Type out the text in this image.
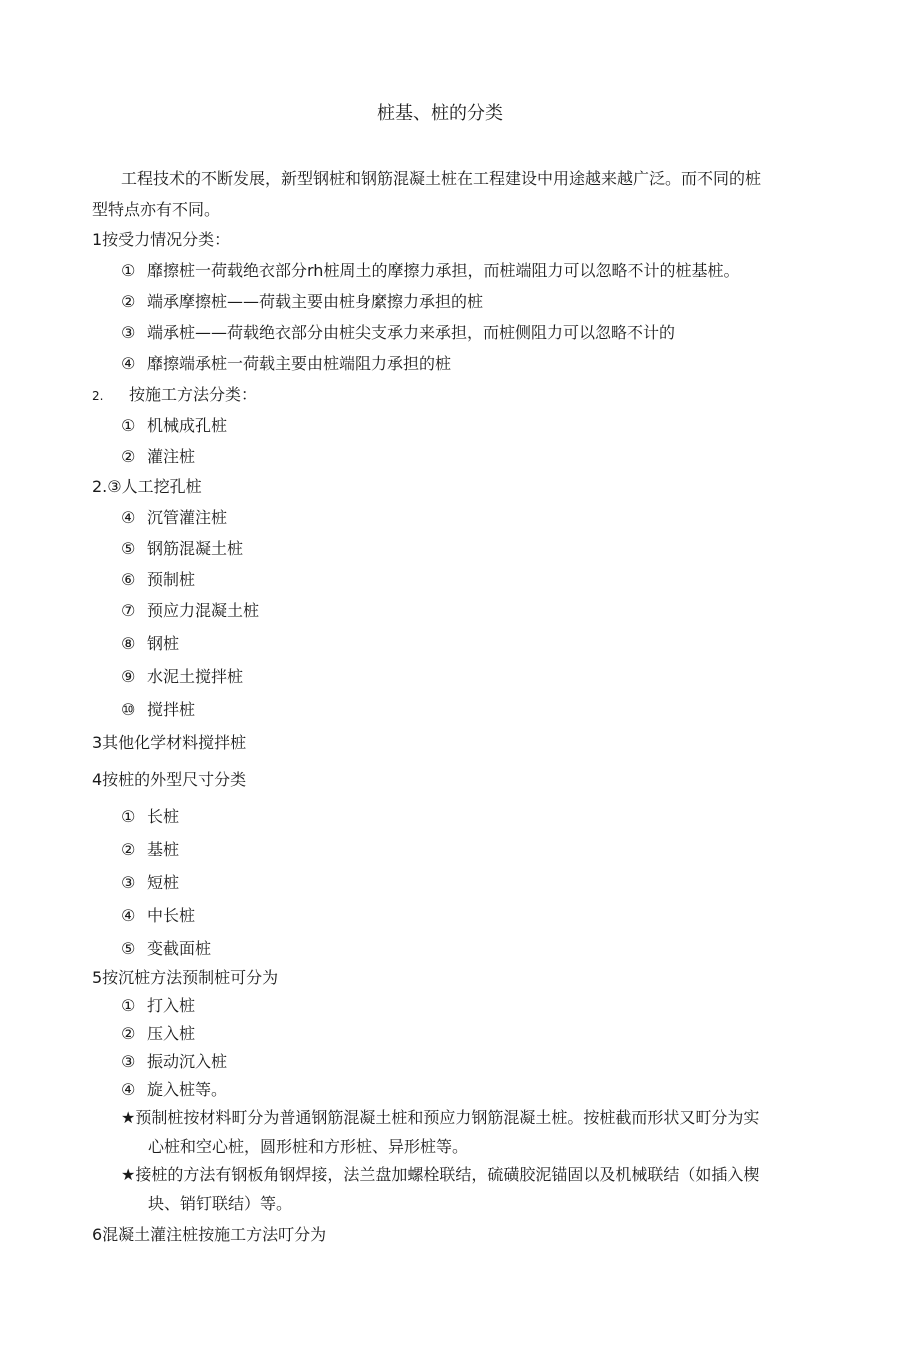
桩基、桩的分类
工程技术的不断发展，新型钢桩和钢筋混凝土桩在工程建设中用途越来越广泛。而不同的桩
型特点亦有不同。
1按受力情况分类：
① 靡擦桩一荷载绝衣部分rh桩周土的摩擦力承担，而桩端阻力可以忽略不计的桩基桩。
② 端承摩擦桩——荷载主要由桩身縻擦力承担的桩
③ 端承桩——荷载绝衣部分由桩尖支承力来承担，而桩侧阻力可以忽略不计的
④ 靡擦端承桩一荷载主要由桩端阻力承担的桩
2. 按施工方法分类：
① 机械成孔桩
② 灌注桩
2.③人工挖孔桩
④ 沉管灌注桩
⑤ 钢筋混凝土桩
⑥ 预制桩
⑦ 预应力混凝土桩
⑧ 钢桩
⑨ 水泥土搅拌桩
⑩ 搅拌桩
3其他化学材料搅拌桩
4按桩的外型尺寸分类
① 长桩
② 基桩
③ 短桩
④ 中长桩
⑤ 变截面桩
5按沉桩方法预制桩可分为
① 打入桩
② 压入桩
③ 振动沉入桩
④ 旋入桩等。
★预制桩按材料町分为普通钢筋混凝土桩和预应力钢筋混凝土桩。按桩截而形状又町分为实
心桩和空心桩，圆形桩和方形桩、异形桩等。
★接桩的方法有钢板角钢焊接，法兰盘加螺栓联结，硫磺胶泥锚固以及机械联结（如插入楔
块、销钉联结）等。
6混凝土灌注桩按施工方法叮分为
